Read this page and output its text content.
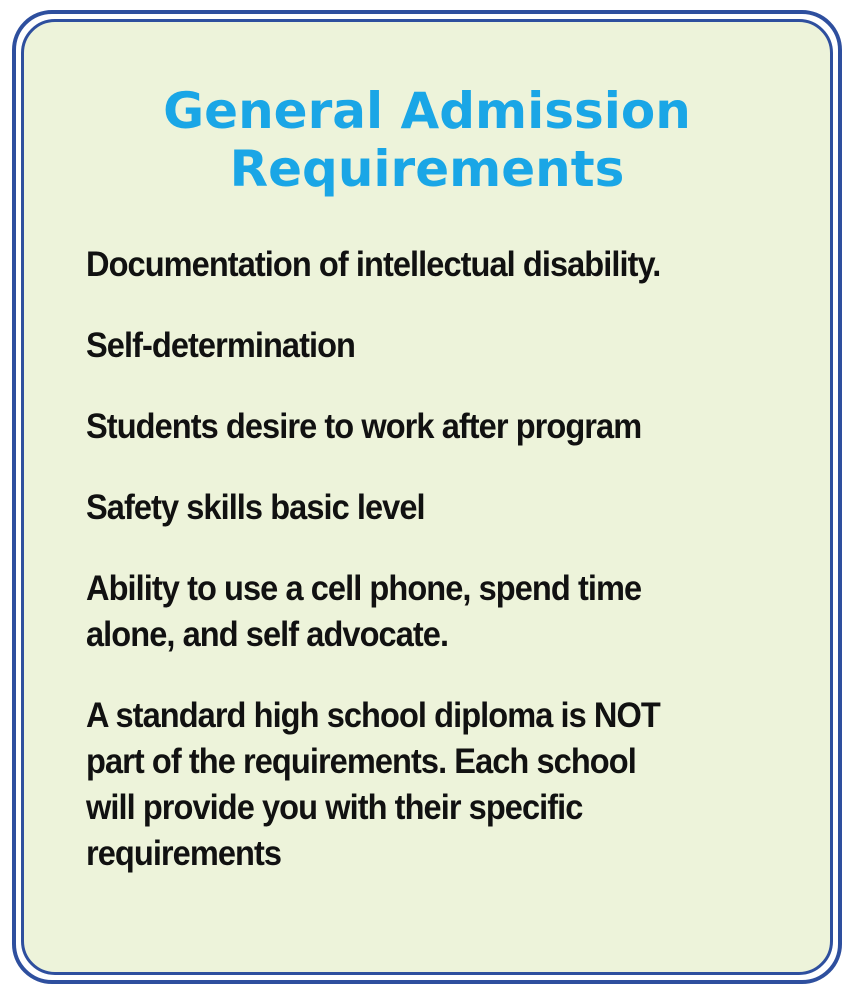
General Admission
Requirements
Documentation of intellectual disability.
Self-determination
Students desire to work after program
Safety skills basic level
Ability to use a cell phone, spend time
alone, and self advocate.
A standard high school diploma is NOT
part of the requirements. Each school
will provide you with their specific
requirements
